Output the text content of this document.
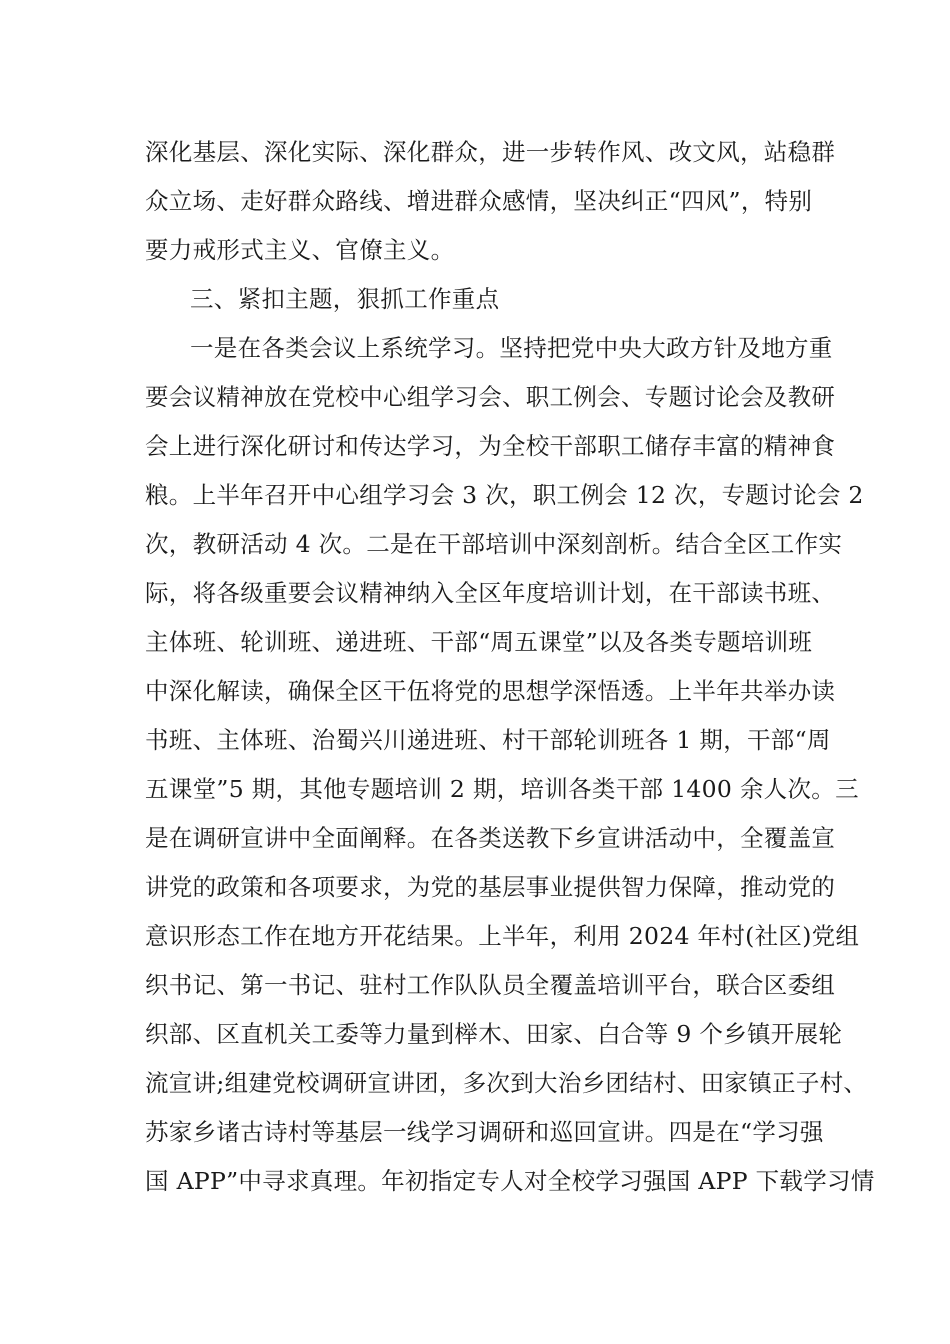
深化基层、深化实际、深化群众，进一步转作风、改文风，站稳群
众立场、走好群众路线、增进群众感情，坚决纠正“四风”，特别
要力戒形式主义、官僚主义。
三、紧扣主题，狠抓工作重点
一是在各类会议上系统学习。坚持把党中央大政方针及地方重
要会议精神放在党校中心组学习会、职工例会、专题讨论会及教研
会上进行深化研讨和传达学习，为全校干部职工储存丰富的精神食
粮。上半年召开中心组学习会 3 次，职工例会 12 次，专题讨论会 2
次，教研活动 4 次。二是在干部培训中深刻剖析。结合全区工作实
际，将各级重要会议精神纳入全区年度培训计划，在干部读书班、
主体班、轮训班、递进班、干部“周五课堂”以及各类专题培训班
中深化解读，确保全区干伍将党的思想学深悟透。上半年共举办读
书班、主体班、治蜀兴川递进班、村干部轮训班各 1 期，干部“周
五课堂”5 期，其他专题培训 2 期，培训各类干部 1400 余人次。三
是在调研宣讲中全面阐释。在各类送教下乡宣讲活动中，全覆盖宣
讲党的政策和各项要求，为党的基层事业提供智力保障，推动党的
意识形态工作在地方开花结果。上半年，利用 2024 年村(社区)党组
织书记、第一书记、驻村工作队队员全覆盖培训平台，联合区委组
织部、区直机关工委等力量到榉木、田家、白合等 9 个乡镇开展轮
流宣讲;组建党校调研宣讲团，多次到大治乡团结村、田家镇正子村、
苏家乡诸古诗村等基层一线学习调研和巡回宣讲。四是在“学习强
国 APP”中寻求真理。年初指定专人对全校学习强国 APP 下载学习情
